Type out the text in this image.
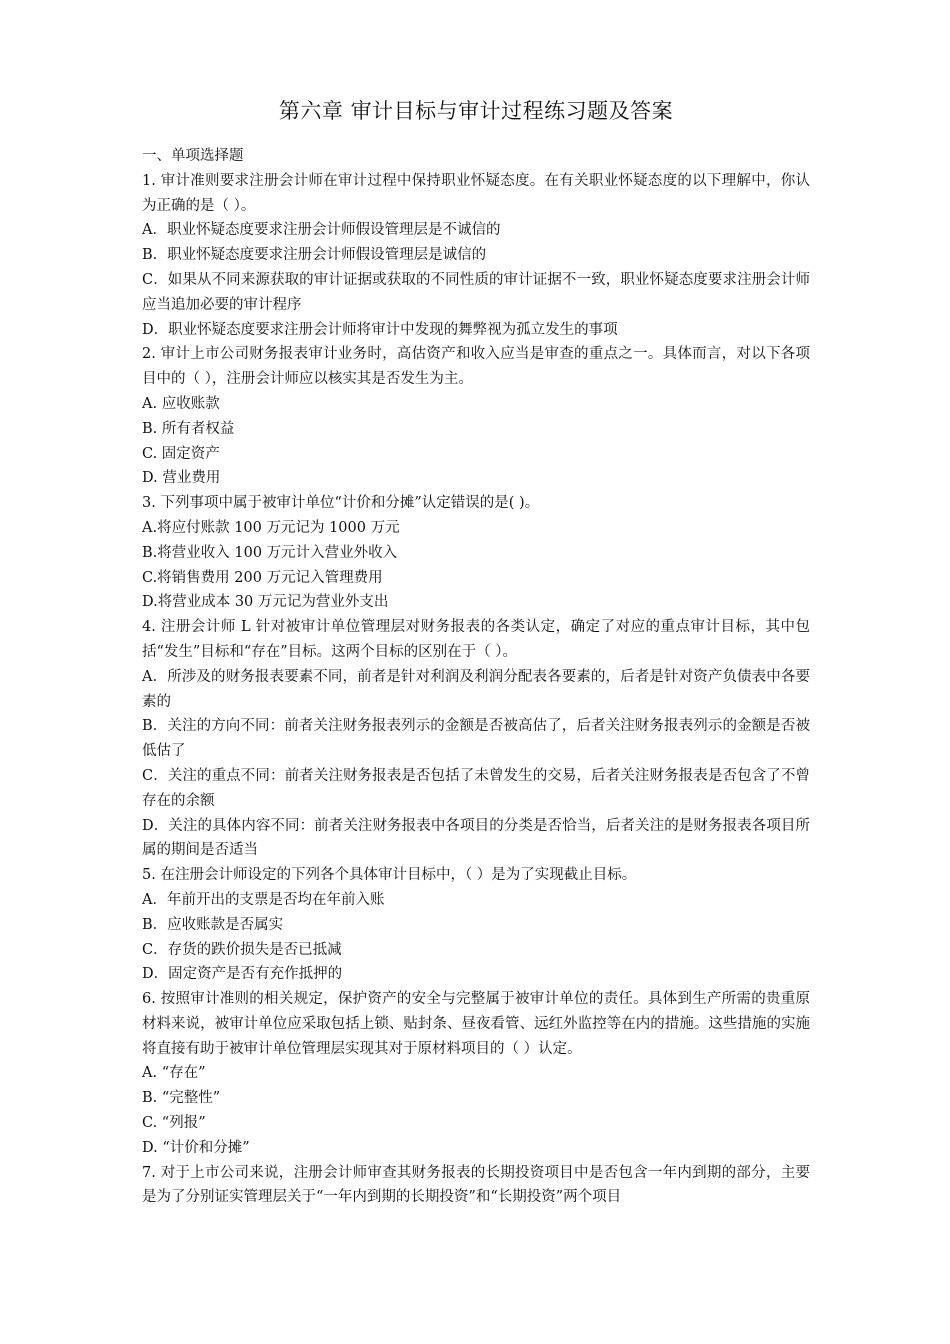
第六章 审计目标与审计过程练习题及答案

一、单项选择题

1. 审计准则要求注册会计师在审计过程中保持职业怀疑态度。在有关职业怀疑态度的以下理解中，你认为正确的是（ ）。

A．职业怀疑态度要求注册会计师假设管理层是不诚信的

B．职业怀疑态度要求注册会计师假设管理层是诚信的

C．如果从不同来源获取的审计证据或获取的不同性质的审计证据不一致，职业怀疑态度要求注册会计师应当追加必要的审计程序

D．职业怀疑态度要求注册会计师将审计中发现的舞弊视为孤立发生的事项

2. 审计上市公司财务报表审计业务时，高估资产和收入应当是审查的重点之一。具体而言，对以下各项目中的（ ），注册会计师应以核实其是否发生为主。

A. 应收账款

B. 所有者权益

C. 固定资产

D. 营业费用

3. 下列事项中属于被审计单位“计价和分摊”认定错误的是( )。

A.将应付账款 100 万元记为 1000 万元

B.将营业收入 100 万元计入营业外收入

C.将销售费用 200 万元记入管理费用

D.将营业成本 30 万元记为营业外支出

4. 注册会计师 L 针对被审计单位管理层对财务报表的各类认定，确定了对应的重点审计目标，其中包括“发生”目标和“存在”目标。这两个目标的区别在于（ ）。

A．所涉及的财务报表要素不同，前者是针对利润及利润分配表各要素的，后者是针对资产负债表中各要素的

B．关注的方向不同：前者关注财务报表列示的金额是否被高估了，后者关注财务报表列示的金额是否被低估了

C．关注的重点不同：前者关注财务报表是否包括了未曾发生的交易，后者关注财务报表是否包含了不曾存在的余额

D．关注的具体内容不同：前者关注财务报表中各项目的分类是否恰当，后者关注的是财务报表各项目所属的期间是否适当

5. 在注册会计师设定的下列各个具体审计目标中，（ ）是为了实现截止目标。

A．年前开出的支票是否均在年前入账

B．应收账款是否属实

C．存货的跌价损失是否已抵减

D．固定资产是否有充作抵押的

6. 按照审计准则的相关规定，保护资产的安全与完整属于被审计单位的责任。具体到生产所需的贵重原材料来说，被审计单位应采取包括上锁、贴封条、昼夜看管、远红外监控等在内的措施。这些措施的实施将直接有助于被审计单位管理层实现其对于原材料项目的（ ）认定。

A. “存在”

B. “完整性”

C. “列报”

D. “计价和分摊”

7. 对于上市公司来说，注册会计师审查其财务报表的长期投资项目中是否包含一年内到期的部分，主要是为了分别证实管理层关于“一年内到期的长期投资”和“长期投资”两个项目
